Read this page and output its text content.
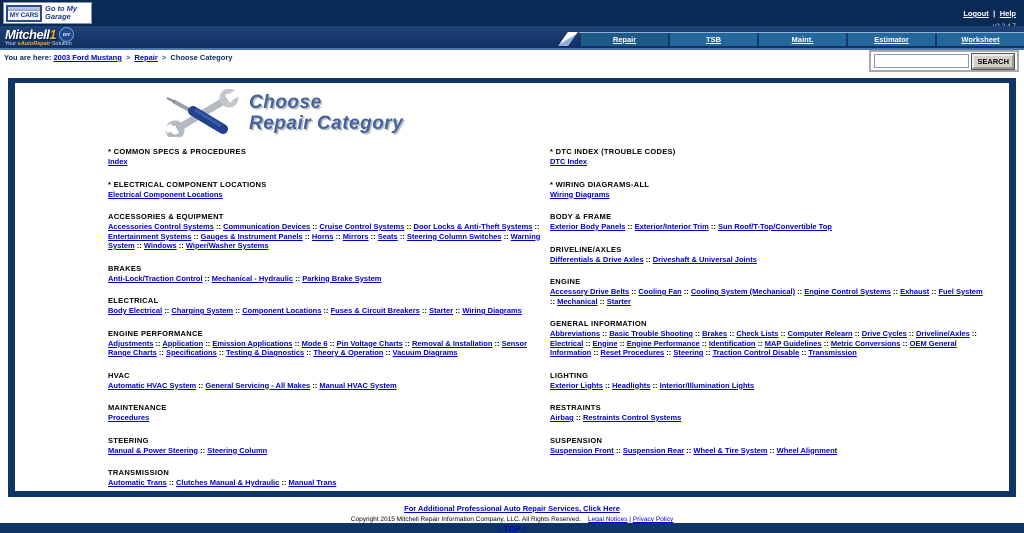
MY CARS
Go to My Garage	Logout | Help
Mitchell1	DIY
Your eAutoRepair Solution	Repair	TSB	Maint.	Estimator	Worksheet
You are here: 2003 Ford Mustang > Repair > Choose Category	SEARCH
Choose
Repair Category
* COMMON SPECS & PROCEDURES
Index
* ELECTRICAL COMPONENT LOCATIONS
Electrical Component Locations
ACCESSORIES & EQUIPMENT
Accessories Control Systems :: Communication Devices :: Cruise Control Systems :: Door Locks & Anti-Theft Systems :: Entertainment Systems :: Gauges & Instrument Panels :: Horns :: Mirrors :: Seats :: Steering Column Switches :: Warning System :: Windows :: Wiper/Washer Systems
BRAKES
Anti-Lock/Traction Control :: Mechanical - Hydraulic :: Parking Brake System
ELECTRICAL
Body Electrical :: Charging System :: Component Locations :: Fuses & Circuit Breakers :: Starter :: Wiring Diagrams
ENGINE PERFORMANCE
Adjustments :: Application :: Emission Applications :: Mode 6 :: Pin Voltage Charts :: Removal & Installation :: Sensor Range Charts :: Specifications :: Testing & Diagnostics :: Theory & Operation :: Vacuum Diagrams
HVAC
Automatic HVAC System :: General Servicing - All Makes :: Manual HVAC System
MAINTENANCE
Procedures
STEERING
Manual & Power Steering :: Steering Column
TRANSMISSION
Automatic Trans :: Clutches Manual & Hydraulic :: Manual Trans
* DTC INDEX (TROUBLE CODES)
DTC Index
* WIRING DIAGRAMS-ALL
Wiring Diagrams
BODY & FRAME
Exterior Body Panels :: Exterior/Interior Trim :: Sun Roof/T-Top/Convertible Top
DRIVELINE/AXLES
Differentials & Drive Axles :: Driveshaft & Universal Joints
ENGINE
Accessory Drive Belts :: Cooling Fan :: Cooling System (Mechanical) :: Engine Control Systems :: Exhaust :: Fuel System :: Mechanical :: Starter
GENERAL INFORMATION
Abbreviations :: Basic Trouble Shooting :: Brakes :: Check Lists :: Computer Relearn :: Drive Cycles :: Driveline/Axles :: Electrical :: Engine :: Engine Performance :: Identification :: MAP Guidelines :: Metric Conversions :: OEM General Information :: Reset Procedures :: Steering :: Traction Control Disable :: Transmission
LIGHTING
Exterior Lights :: Headlights :: Interior/Illumination Lights
RESTRAINTS
Airbag :: Restraints Control Systems
SUSPENSION
Suspension Front :: Suspension Rear :: Wheel & Tire System :: Wheel Alignment
For Additional Professional Auto Repair Services, Click Here
Copyright 2015 Mitchell Repair Information Company, LLC. All Rights Reserved. Legal Notices | Privacy Policy
:: TOP ::
